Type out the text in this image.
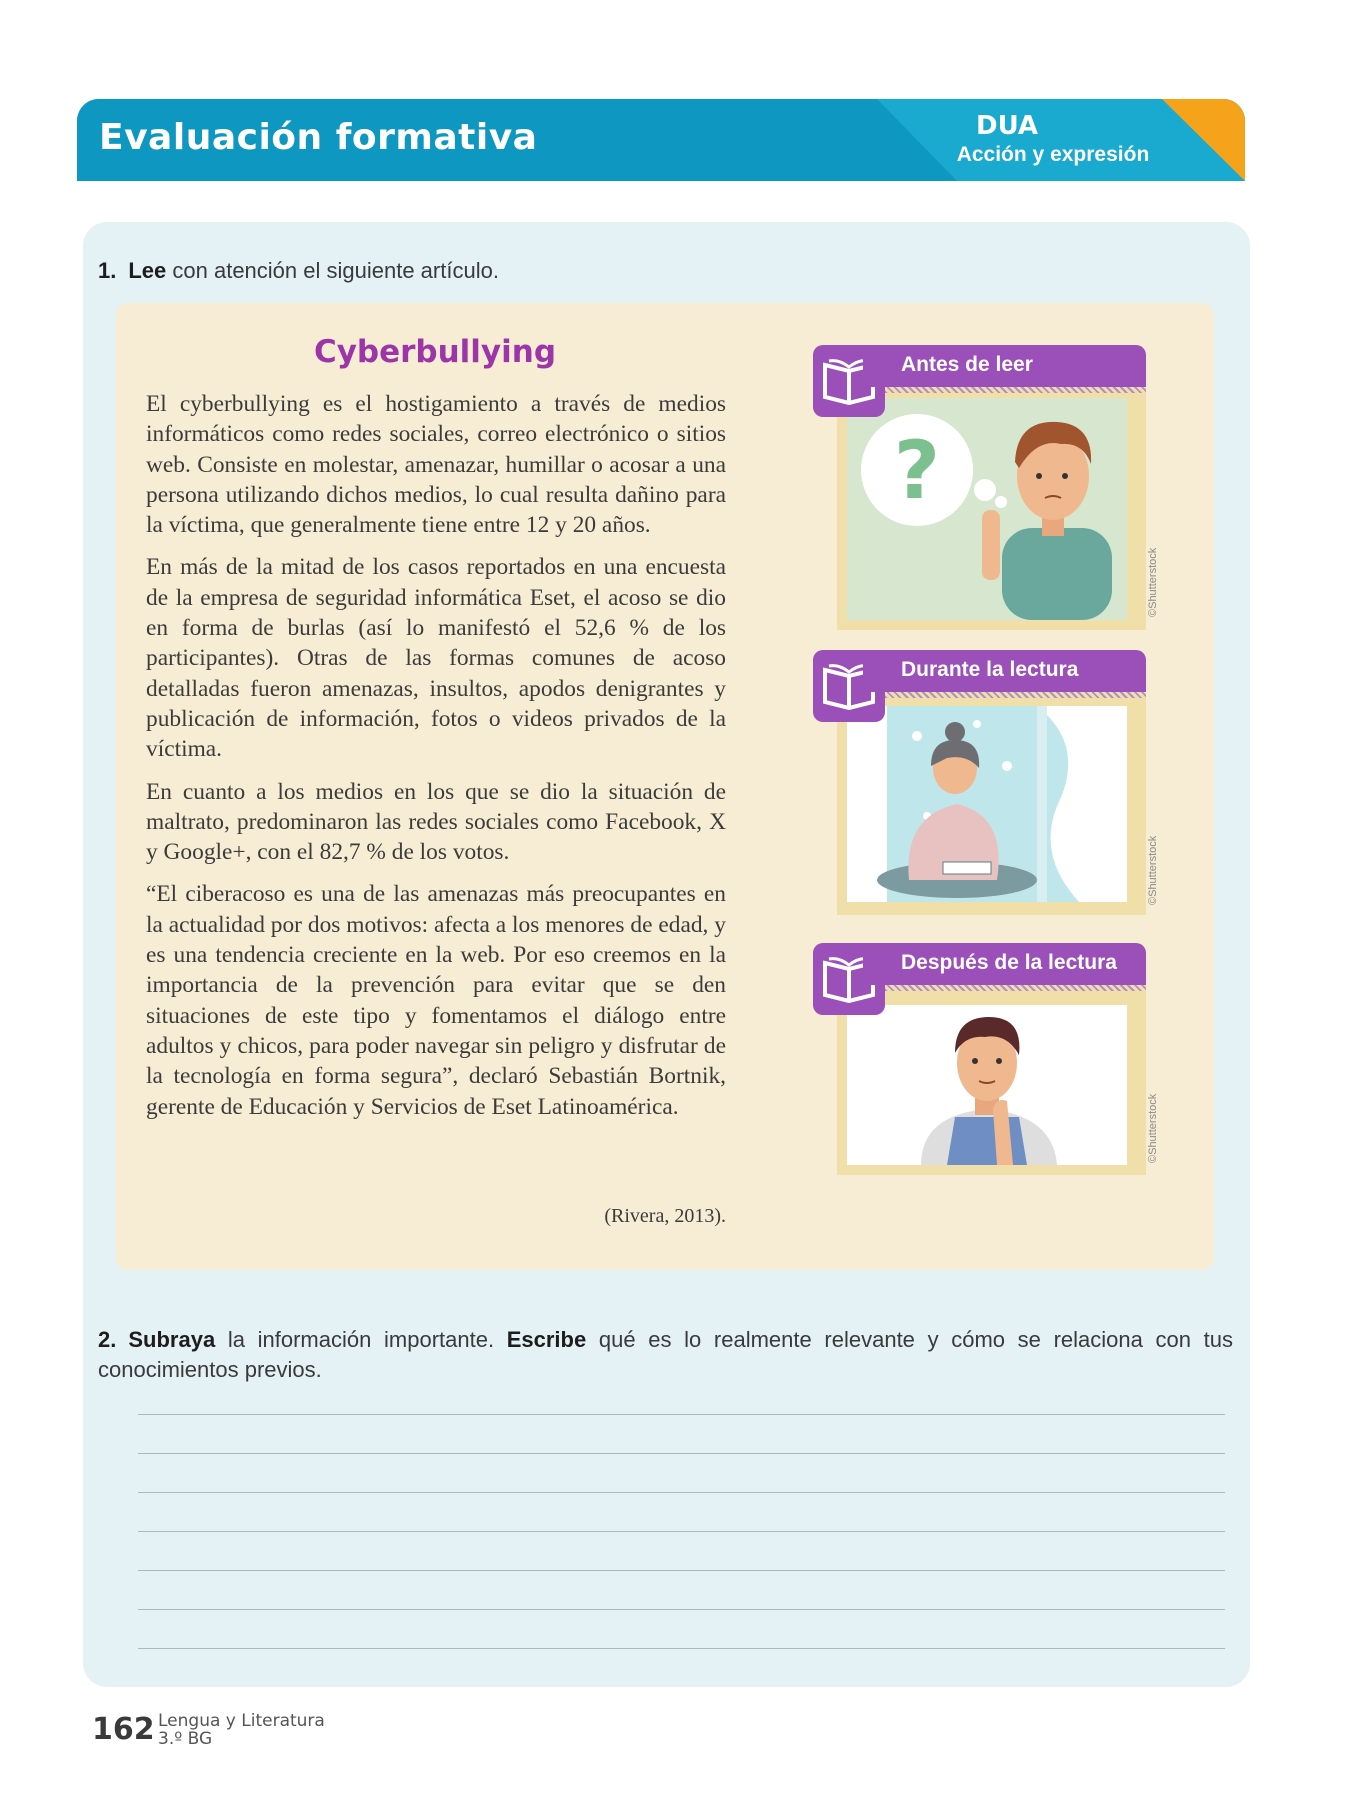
Evaluación formativa	DUA
Acción y expresión
1. Lee con atención el siguiente artículo.
Cyberbullying

El cyberbullying es el hostigamiento a través de medios informáticos como redes sociales, correo electrónico o sitios web. Consiste en molestar, amenazar, humillar o acosar a una persona utilizando dichos medios, lo cual resulta dañino para la víctima, que generalmente tiene entre 12 y 20 años.

En más de la mitad de los casos reportados en una encuesta de la empresa de seguridad informática Eset, el acoso se dio en forma de burlas (así lo manifestó el 52,6 % de los participantes). Otras de las formas comunes de acoso detalladas fueron amenazas, insultos, apodos denigrantes y publicación de información, fotos o videos privados de la víctima.

En cuanto a los medios en los que se dio la situación de maltrato, predominaron las redes sociales como Facebook, X y Google+, con el 82,7 % de los votos.

“El ciberacoso es una de las amenazas más preocupantes en la actualidad por dos motivos: afecta a los menores de edad, y es una tendencia creciente en la web. Por eso creemos en la importancia de la prevención para evitar que se den situaciones de este tipo y fomentamos el diálogo entre adultos y chicos, para poder navegar sin peligro y disfrutar de la tecnología en forma segura”, declaró Sebastián Bortnik, gerente de Educación y Servicios de Eset Latinoamérica.

(Rivera, 2013).
?
Antes de leer
©Shutterstock
Durante la lectura
©Shutterstock
Después de la lectura
©Shutterstock
2. Subraya la información importante. Escribe qué es lo realmente relevante y cómo se relaciona con tus conocimientos previos.
162 Lengua y Literatura
3.º BG
